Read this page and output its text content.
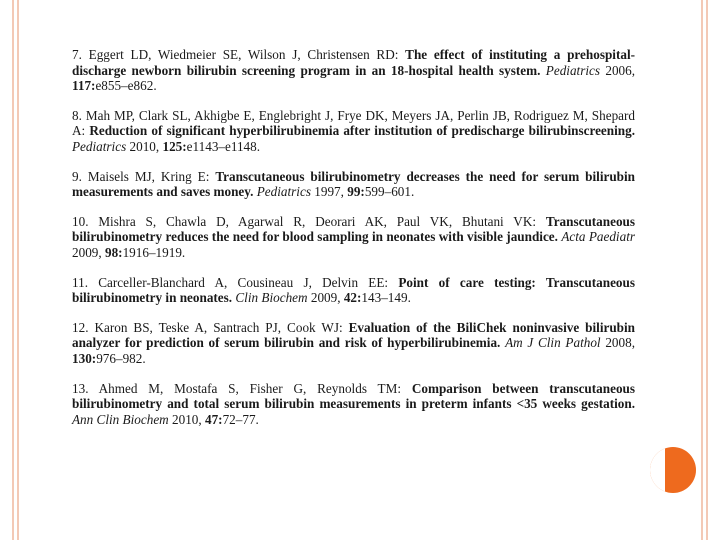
7. Eggert LD, Wiedmeier SE, Wilson J, Christensen RD: The effect of instituting a prehospital-discharge newborn bilirubin screening program in an 18-hospital health system. Pediatrics 2006, 117:e855–e862.

8. Mah MP, Clark SL, Akhigbe E, Englebright J, Frye DK, Meyers JA, Perlin JB, Rodriguez M, Shepard A: Reduction of significant hyperbilirubinemia after institution of predischarge bilirubinscreening. Pediatrics 2010, 125:e1143–e1148.

9. Maisels MJ, Kring E: Transcutaneous bilirubinometry decreases the need for serum bilirubin measurements and saves money. Pediatrics 1997, 99:599–601.

10. Mishra S, Chawla D, Agarwal R, Deorari AK, Paul VK, Bhutani VK: Transcutaneous bilirubinometry reduces the need for blood sampling in neonates with visible jaundice. Acta Paediatr 2009, 98:1916–1919.

11. Carceller-Blanchard A, Cousineau J, Delvin EE: Point of care testing: Transcutaneous bilirubinometry in neonates. Clin Biochem 2009, 42:143–149.

12. Karon BS, Teske A, Santrach PJ, Cook WJ: Evaluation of the BiliChek noninvasive bilirubin analyzer for prediction of serum bilirubin and risk of hyperbilirubinemia. Am J Clin Pathol 2008, 130:976–982.

13. Ahmed M, Mostafa S, Fisher G, Reynolds TM: Comparison between transcutaneous bilirubinometry and total serum bilirubin measurements in preterm infants <35 weeks gestation. Ann Clin Biochem 2010, 47:72–77.
